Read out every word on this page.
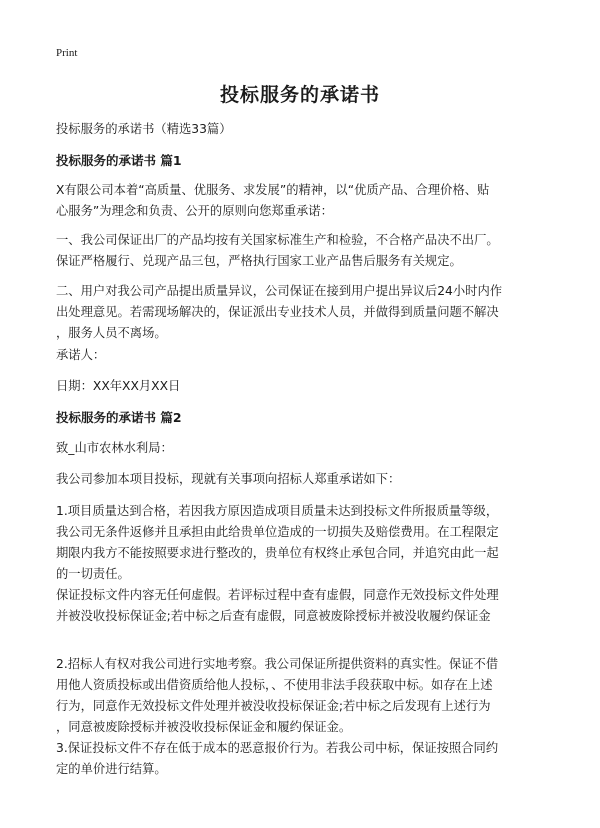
Print
投标服务的承诺书
投标服务的承诺书（精选33篇）
投标服务的承诺书 篇1
X有限公司本着“高质量、优服务、求发展”的精神，以“优质产品、合理价格、贴
心服务”为理念和负责、公开的原则向您郑重承诺：
一、我公司保证出厂的产品均按有关国家标准生产和检验，不合格产品决不出厂。
保证严格履行、兑现产品三包，严格执行国家工业产品售后服务有关规定。
二、用户对我公司产品提出质量异议，公司保证在接到用户提出异议后24小时内作
出处理意见。若需现场解决的，保证派出专业技术人员，并做得到质量问题不解决
，服务人员不离场。
承诺人：
日期：XX年XX月XX日
投标服务的承诺书 篇2
致_山市农林水利局：
我公司参加本项目投标，现就有关事项向招标人郑重承诺如下：
1.项目质量达到合格，若因我方原因造成项目质量未达到投标文件所报质量等级，
我公司无条件返修并且承担由此给贵单位造成的一切损失及赔偿费用。在工程限定
期限内我方不能按照要求进行整改的，贵单位有权终止承包合同，并追究由此一起
的一切责任。
保证投标文件内容无任何虚假。若评标过程中查有虚假，同意作无效投标文件处理
并被没收投标保证金;若中标之后查有虚假，同意被废除授标并被没收履约保证金
2.招标人有权对我公司进行实地考察。我公司保证所提供资料的真实性。保证不借
用他人资质投标或出借资质给他人投标，、不使用非法手段获取中标。如存在上述
行为，同意作无效投标文件处理并被没收投标保证金;若中标之后发现有上述行为
，同意被废除授标并被没收投标保证金和履约保证金。
3.保证投标文件不存在低于成本的恶意报价行为。若我公司中标，保证按照合同约
定的单价进行结算。
